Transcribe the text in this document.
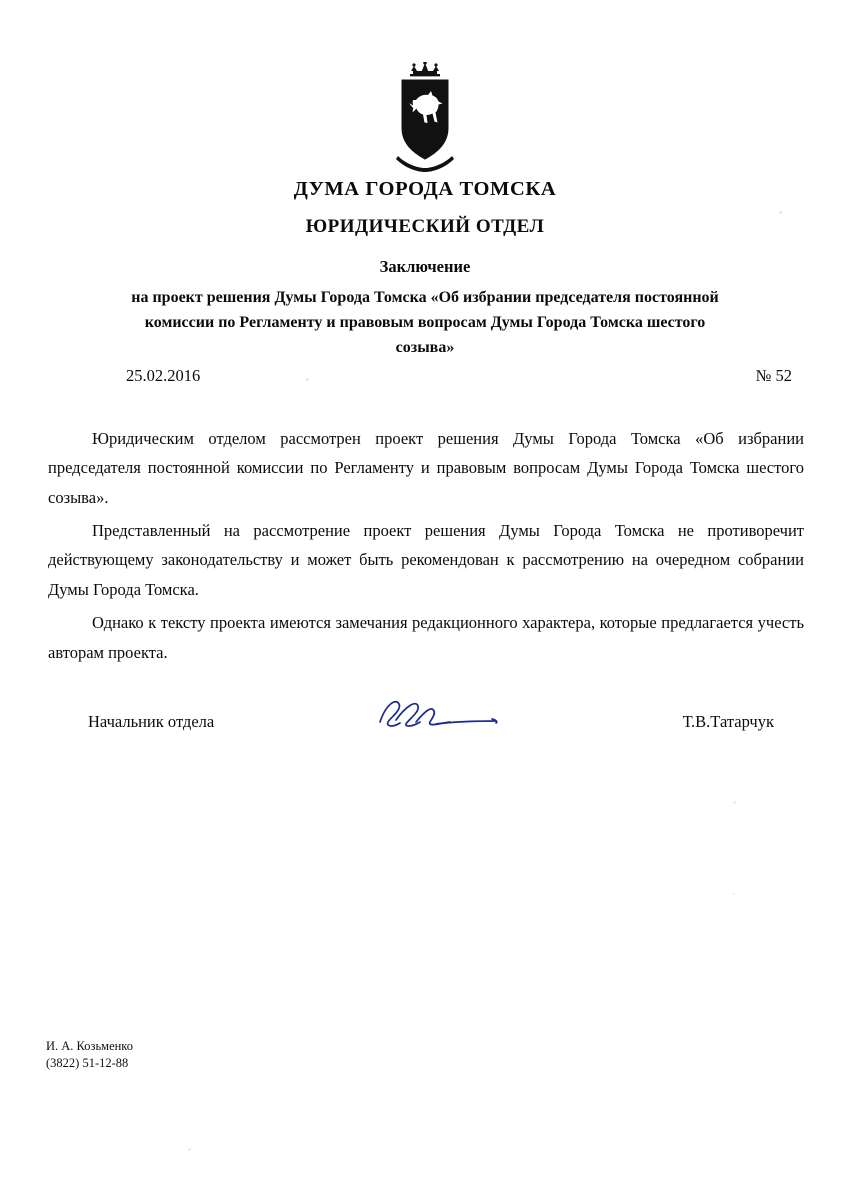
ДУМА ГОРОДА ТОМСКА
ЮРИДИЧЕСКИЙ ОТДЕЛ
Заключение
на проект решения Думы Города Томска «Об избрании председателя постоянной комиссии по Регламенту и правовым вопросам Думы Города Томска шестого созыва»
25.02.2016	№ 52

Юридическим отделом рассмотрен проект решения Думы Города Томска «Об избрании председателя постоянной комиссии по Регламенту и правовым вопросам Думы Города Томска шестого созыва».

Представленный на рассмотрение проект решения Думы Города Томска не противоречит действующему законодательству и может быть рекомендован к рассмотрению на очередном собрании Думы Города Томска.

Однако к тексту проекта имеются замечания редакционного характера, которые предлагается учесть авторам проекта.

Начальник отдела	Т.В.Татарчук
И. А. Козьменко
(3822) 51-12-88
